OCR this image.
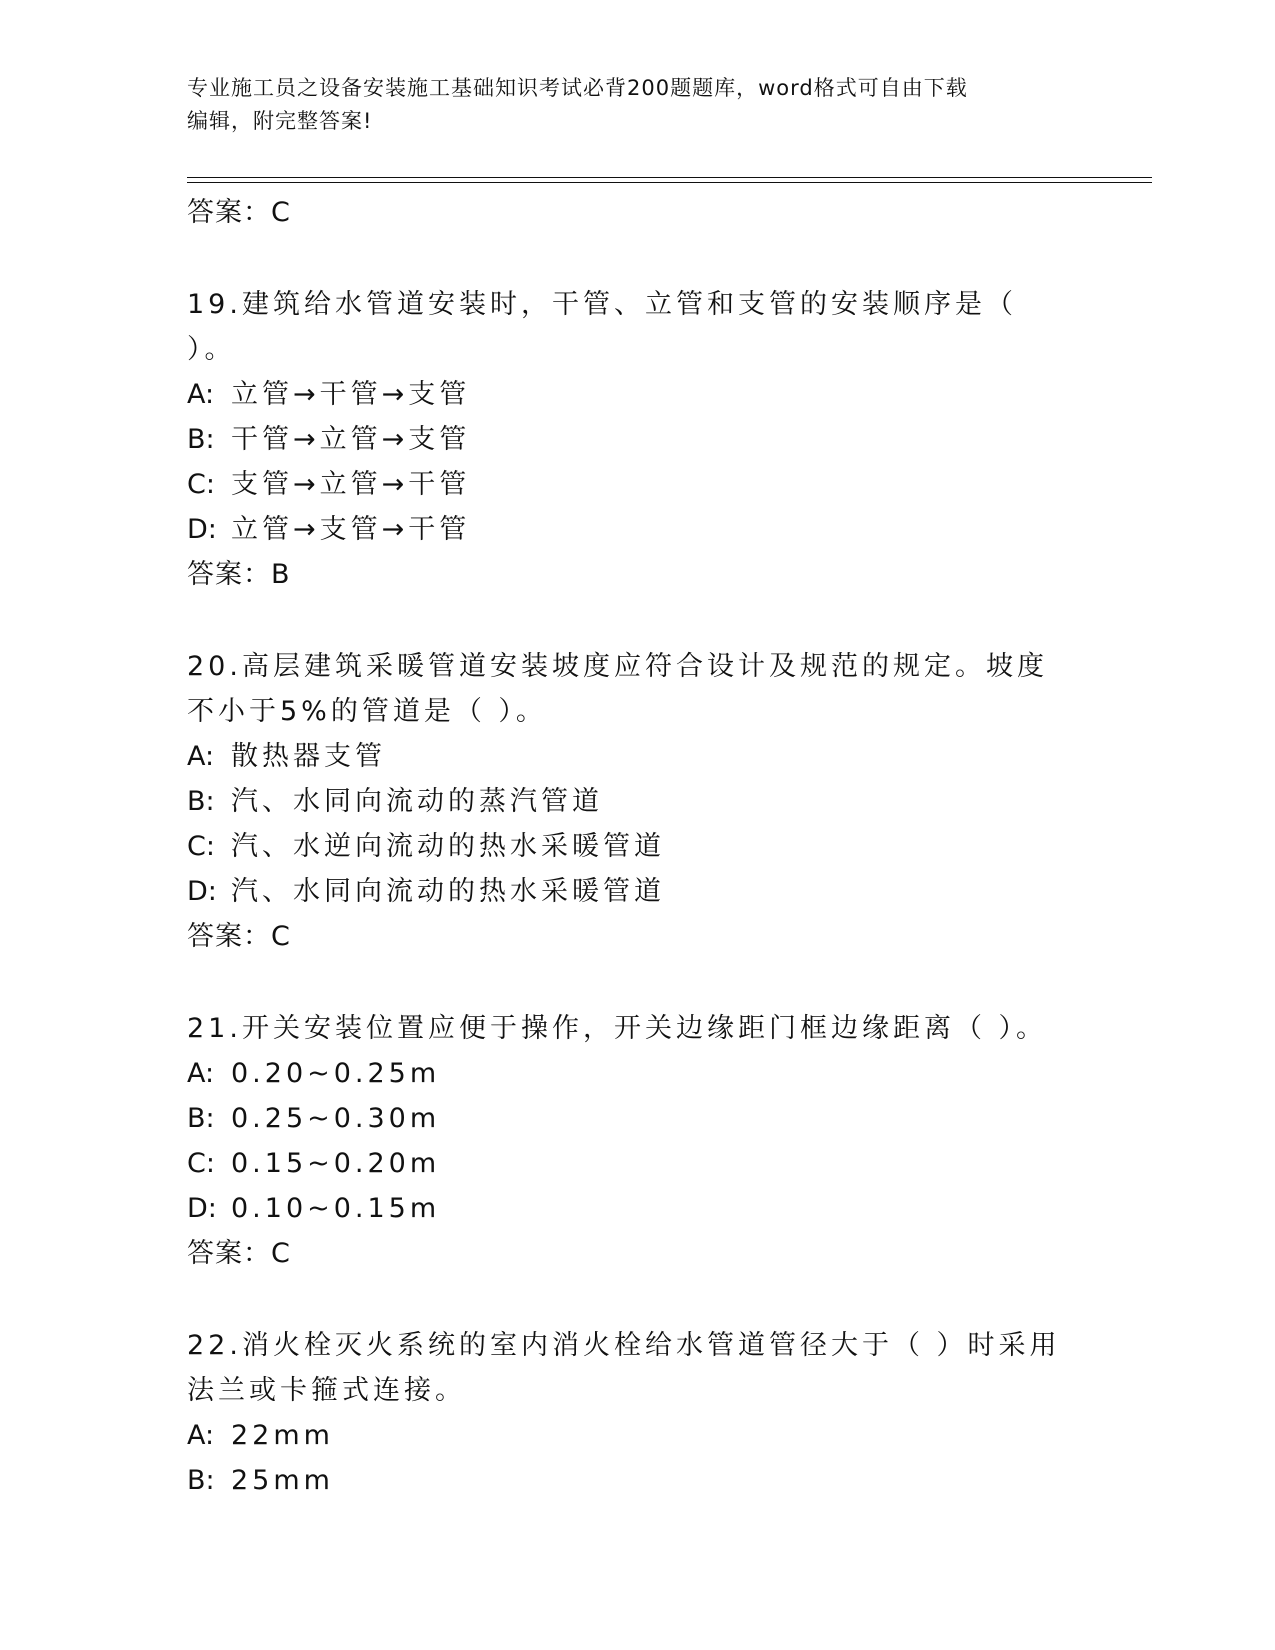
专业施工员之设备安装施工基础知识考试必背200题题库，word格式可自由下载
编辑，附完整答案!
答案：C
19.建筑给水管道安装时，干管、立管和支管的安装顺序是（ ）。
A: 立管→干管→支管
B: 干管→立管→支管
C: 支管→立管→干管
D: 立管→支管→干管
答案：B
20.高层建筑采暖管道安装坡度应符合设计及规范的规定。坡度不小于5%的管道是（ ）。
A: 散热器支管
B: 汽、水同向流动的蒸汽管道
C: 汽、水逆向流动的热水采暖管道
D: 汽、水同向流动的热水采暖管道
答案：C
21.开关安装位置应便于操作，开关边缘距门框边缘距离（ ）。
A: 0.20~0.25m
B: 0.25~0.30m
C: 0.15~0.20m
D: 0.10~0.15m
答案：C
22.消火栓灭火系统的室内消火栓给水管道管径大于（ ）时采用法兰或卡箍式连接。
A: 22mm
B: 25mm
